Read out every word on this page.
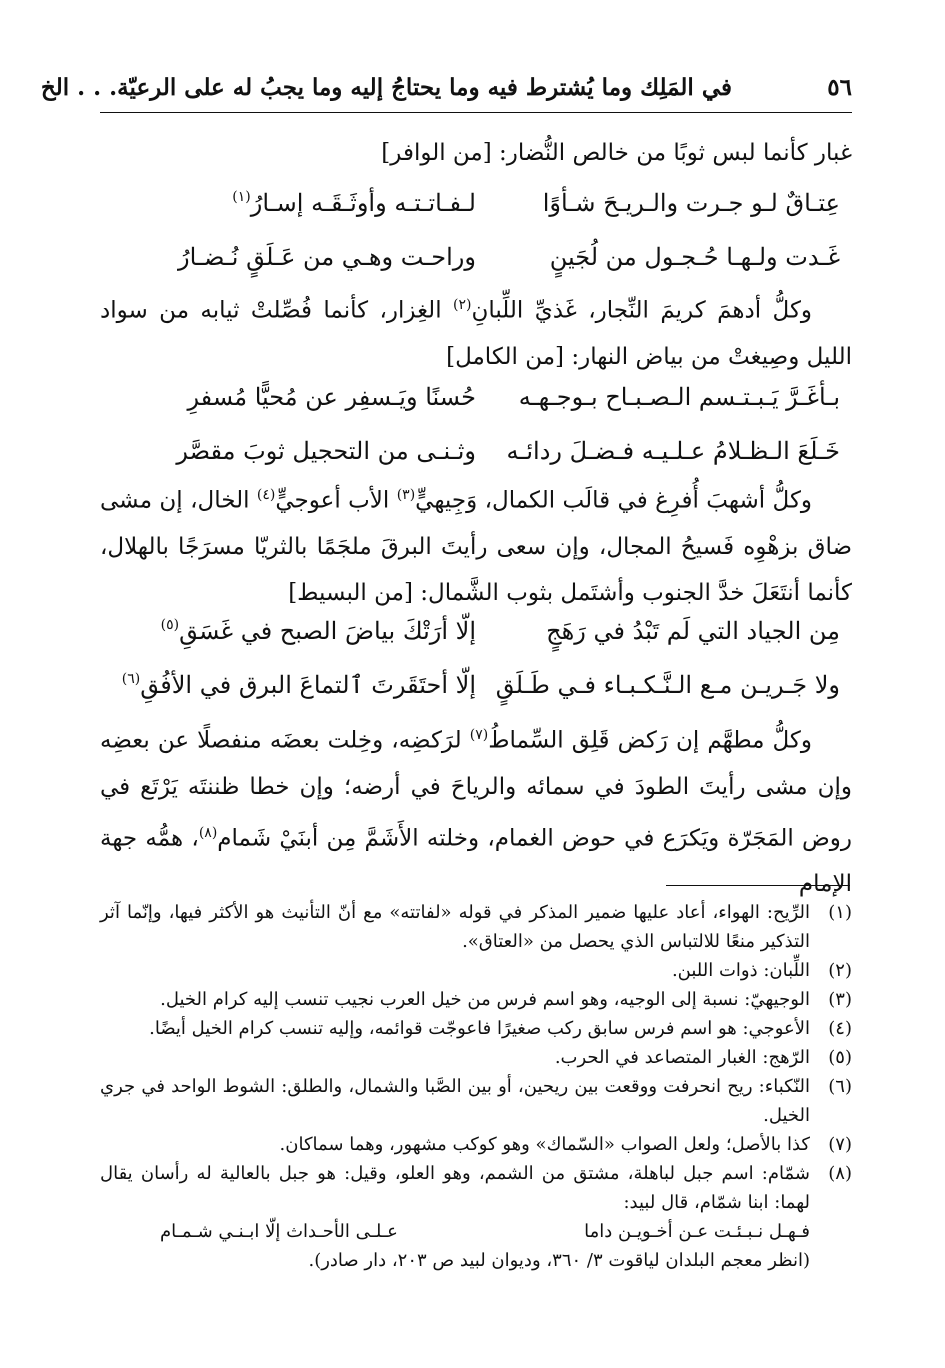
٥٦
في المَلِك وما يُشترط فيه وما يحتاجُ إليه وما يجبُ له على الرعيّة. . . الخ

غبار كأنما لبس ثوبًا من خالص النُّضار: [من الوافر]

عِتـاقٌ لـو جـرت والـريـحَ شـأوًا
لـفـاتـتـه وأوثَـقَـه إسـارُ
(١)
غَـدت ولـهـا حُـجـول من لُجَينٍ
وراحـت وهـي من عَـلَقٍ نُـضـارُ

وكلُّ أدهمَ كريمَ النِّجار، غَذيِّ اللِّبانِ$^{(٢)}$ الغِزار، كأنما فُصِّلتْ ثيابه من سواد الليل وصِيغتْ من بياض النهار: [من الكامل]

بـأغَـرَّ يَـبـتـسم الـصـبـاح بـوجـهـه
حُسنًا ويَـسفِر عن مُحيًّا مُسفرِ
خَـلَعَ الـظـلامُ عـلـيـه فـضـلَ ردائـه
وثـنـى من التحجيل ثوبَ مقصَّر

وكلُّ أشهبَ أُفرِغ في قالَب الكمال، وَجِيهيٍّ$^{(٣)}$ الأب أعوجيٍّ$^{(٤)}$ الخال، إن مشى ضاق بزهْوِه فَسيحُ المجال، وإن سعى رأيتَ البرقَ ملجَمًا بالثريّا مسرَجًا بالهلال، كأنما أنتَعَلَ خدَّ الجنوب وأشتَمل بثوب الشَّمال: [من البسيط]

مِن الجياد التي لَم تَبْدُ في رَهَجٍ
إلّا أرَتْكَ بياضَ الصبح في غَسَقِ
(٥)
ولا جَـريـن مـع الـنَّـكـبـاء فـي طَـلَقٍ
إلّا أحتَقَرتَ ٱلتماعَ البرق في الأفُقِ
(٦)

وكلُّ مطهَّم إن رَكض قَلِق السِّماطُ$^{(٧)}$ لرَكضِه، وخِلت بعضَه منفصلًا عن بعضِه وإن مشى رأيتَ الطودَ في سمائه والرياحَ في أرضه؛ وإن خطا ظننتَه يَرْتَع في روض المَجَرّة ويَكرَع في حوض الغمام، وخلته الأَشَمَّ مِن أبنَيْ شَمام$^{(٨)}$، همُّه جهة الإمام

(١)
الرِّيح: الهواء، أعاد عليها ضمير المذكر في قوله «لفاتته» مع أنّ التأنيث هو الأكثر فيها، وإنّما آثر التذكير منعًا للالتباس الذي يحصل من «العتاق».
(٢)
اللِّبان: ذوات اللبن.
(٣)
الوجيهيّ: نسبة إلى الوجيه، وهو اسم فرس من خيل العرب نجيب تنسب إليه كرام الخيل.
(٤)
الأعوجي: هو اسم فرس سابق ركب صغيرًا فاعوجّت قوائمه، وإليه تنسب كرام الخيل أيضًا.
(٥)
الرّهج: الغبار المتصاعد في الحرب.
(٦)
النّكباء: ريح انحرفت ووقعت بين ريحين، أو بين الصَّبا والشمال، والطلق: الشوط الواحد في جري الخيل.
(٧)
كذا بالأصل؛ ولعل الصواب «السّماك» وهو كوكب مشهور، وهما سماكان.
(٨)
شمّام: اسم جبل لباهلة، مشتق من الشمم، وهو العلو، وقيل: هو جبل بالعالية له رأسان يقال لهما: ابنا شمّام، قال لبيد:
فـهـل نـبـئـت عـن أخـويـن داما
عـلـى الأحـداث إلّا ابـنـي شـمـام
(انظر معجم البلدان لياقوت ٣/ ٣٦٠، وديوان لبيد ص ٢٠٣، دار صادر).
